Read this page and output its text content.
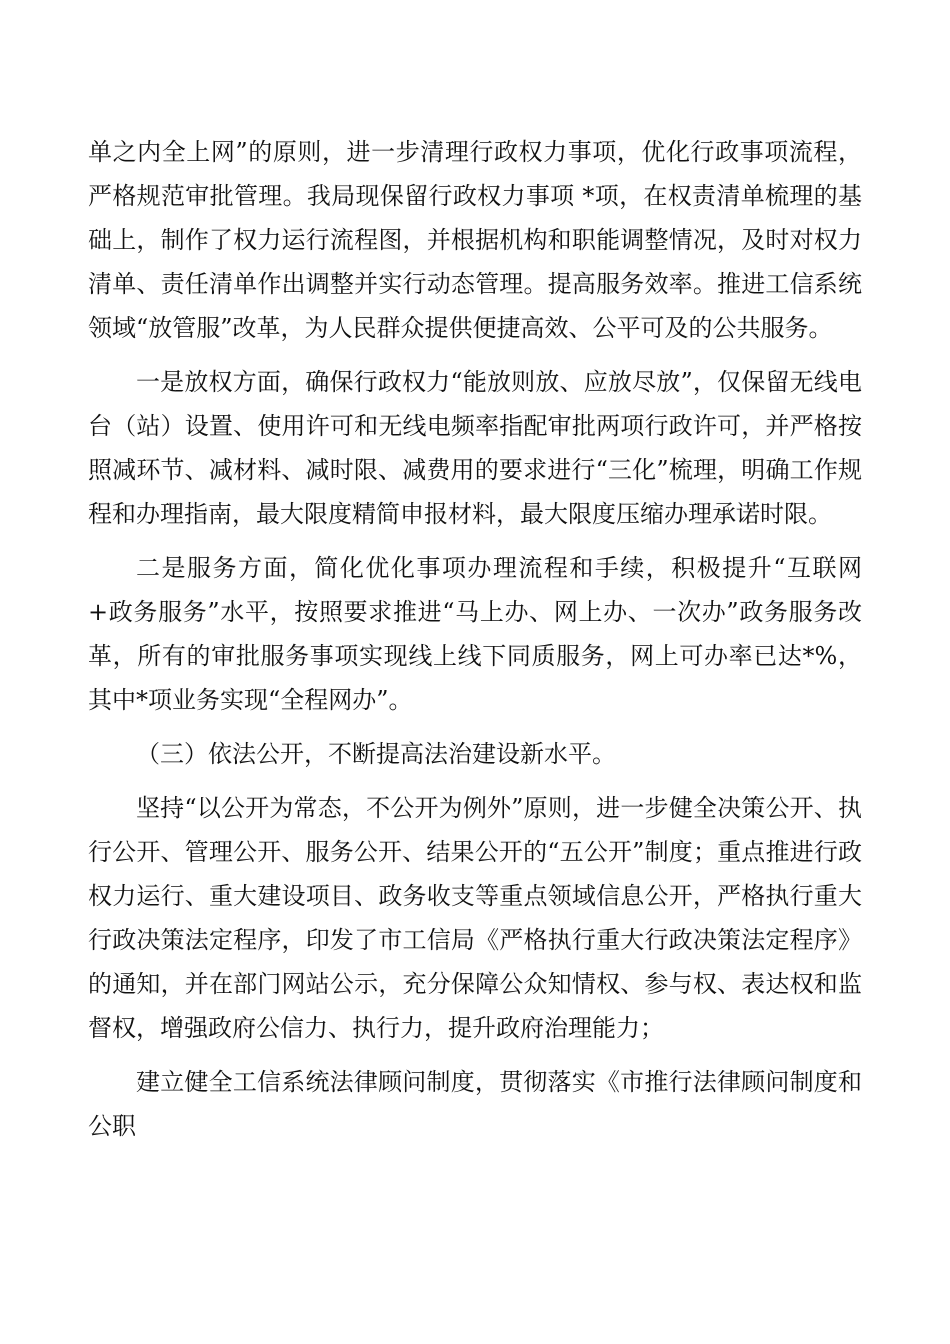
单之内全上网”的原则，进一步清理行政权力事项，优化行政事项流程，严格规范审批管理。我局现保留行政权力事项 *项，在权责清单梳理的基础上，制作了权力运行流程图，并根据机构和职能调整情况，及时对权力清单、责任清单作出调整并实行动态管理。提高服务效率。推进工信系统领域“放管服”改革，为人民群众提供便捷高效、公平可及的公共服务。

一是放权方面，确保行政权力“能放则放、应放尽放”，仅保留无线电台（站）设置、使用许可和无线电频率指配审批两项行政许可，并严格按照减环节、减材料、减时限、减费用的要求进行“三化”梳理，明确工作规程和办理指南，最大限度精简申报材料，最大限度压缩办理承诺时限。

二是服务方面，简化优化事项办理流程和手续，积极提升“互联网+政务服务”水平，按照要求推进“马上办、网上办、一次办”政务服务改革，所有的审批服务事项实现线上线下同质服务，网上可办率已达*%，其中*项业务实现“全程网办”。

（三）依法公开，不断提高法治建设新水平。

坚持“以公开为常态，不公开为例外”原则，进一步健全决策公开、执行公开、管理公开、服务公开、结果公开的“五公开”制度；重点推进行政权力运行、重大建设项目、政务收支等重点领域信息公开，严格执行重大行政决策法定程序，印发了市工信局《严格执行重大行政决策法定程序》的通知，并在部门网站公示，充分保障公众知情权、参与权、表达权和监督权，增强政府公信力、执行力，提升政府治理能力；

建立健全工信系统法律顾问制度，贯彻落实《市推行法律顾问制度和公职
